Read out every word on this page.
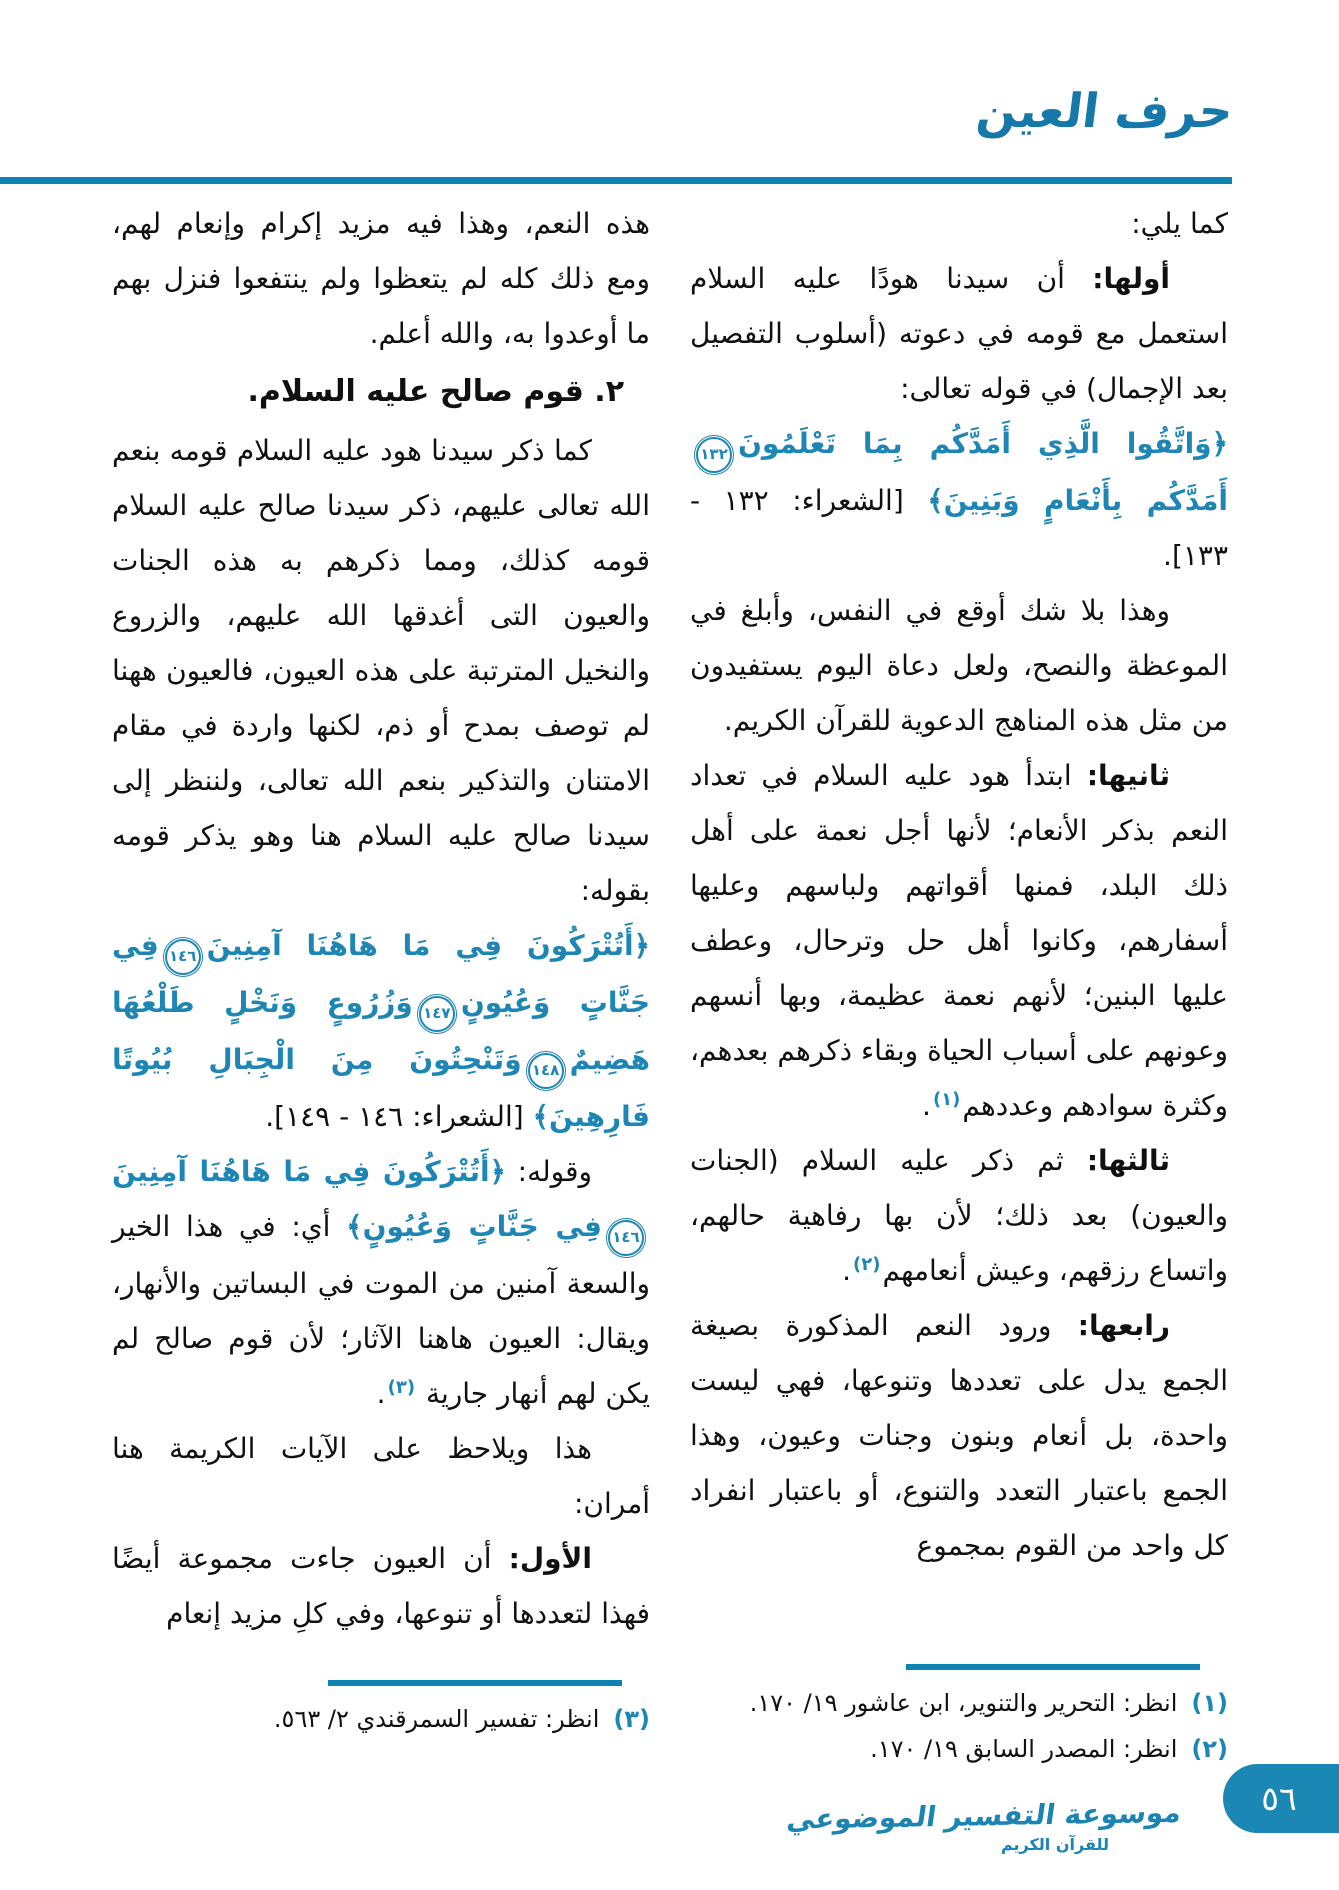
حرف العين

كما يلي:

أولها: أن سيدنا هودًا عليه السلام استعمل مع قومه في دعوته (أسلوب التفصيل بعد الإجمال) في قوله تعالى:

﴿وَاتَّقُوا الَّذِي أَمَدَّكُم بِمَا تَعْلَمُونَ١٣٢أَمَدَّكُم بِأَنْعَامٍ وَبَنِينَ﴾ [الشعراء: ١٣٢ - ١٣٣].

وهذا بلا شك أوقع في النفس، وأبلغ في الموعظة والنصح، ولعل دعاة اليوم يستفيدون من مثل هذه المناهج الدعوية للقرآن الكريم.

ثانيها: ابتدأ هود عليه السلام في تعداد النعم بذكر الأنعام؛ لأنها أجل نعمة على أهل ذلك البلد، فمنها أقواتهم ولباسهم وعليها أسفارهم، وكانوا أهل حل وترحال، وعطف عليها البنين؛ لأنهم نعمة عظيمة، وبها أنسهم وعونهم على أسباب الحياة وبقاء ذكرهم بعدهم، وكثرة سوادهم وعددهم$^{(١)}$.

ثالثها: ثم ذكر عليه السلام (الجنات والعيون) بعد ذلك؛ لأن بها رفاهية حالهم، واتساع رزقهم، وعيش أنعامهم$^{(٢)}$.

رابعها: ورود النعم المذكورة بصيغة الجمع يدل على تعددها وتنوعها، فهي ليست واحدة، بل أنعام وبنون وجنات وعيون، وهذا الجمع باعتبار التعدد والتنوع، أو باعتبار انفراد كل واحد من القوم بمجموع

(١)
انظر: التحرير والتنوير، ابن عاشور ١٩/ ١٧٠.
(٢)
انظر: المصدر السابق ١٩/ ١٧٠.

هذه النعم، وهذا فيه مزيد إكرام وإنعام لهم، ومع ذلك كله لم يتعظوا ولم ينتفعوا فنزل بهم ما أوعدوا به، والله أعلم.

٢. قوم صالح عليه السلام.

كما ذكر سيدنا هود عليه السلام قومه بنعم الله تعالى عليهم، ذكر سيدنا صالح عليه السلام قومه كذلك، ومما ذكرهم به هذه الجنات والعيون التى أغدقها الله عليهم، والزروع والنخيل المترتبة على هذه العيون، فالعيون ههنا لم توصف بمدح أو ذم، لكنها واردة في مقام الامتنان والتذكير بنعم الله تعالى، ولننظر إلى سيدنا صالح عليه السلام هنا وهو يذكر قومه بقوله:

﴿أَتُتْرَكُونَ فِي مَا هَاهُنَا آمِنِينَ١٤٦فِي جَنَّاتٍ وَعُيُونٍ١٤٧وَزُرُوعٍ وَنَخْلٍ طَلْعُهَا هَضِيمٌ١٤٨وَتَنْحِتُونَ مِنَ الْجِبَالِ بُيُوتًا فَارِهِينَ﴾ [الشعراء: ١٤٦ - ١٤٩].

وقوله: ﴿أَتُتْرَكُونَ فِي مَا هَاهُنَا آمِنِينَ١٤٦فِي جَنَّاتٍ وَعُيُونٍ﴾ أي: في هذا الخير والسعة آمنين من الموت في البساتين والأنهار، ويقال: العيون هاهنا الآثار؛ لأن قوم صالح لم يكن لهم أنهار جارية $^{(٣)}$.

هذا ويلاحظ على الآيات الكريمة هنا أمران:

الأول: أن العيون جاءت مجموعة أيضًا فهذا لتعددها أو تنوعها، وفي كلِ مزيد إنعام

(٣)
انظر: تفسير السمرقندي ٢/ ٥٦٣.
موسوعة التفسير الموضوعي
للقرآن الكريم
٥٦
